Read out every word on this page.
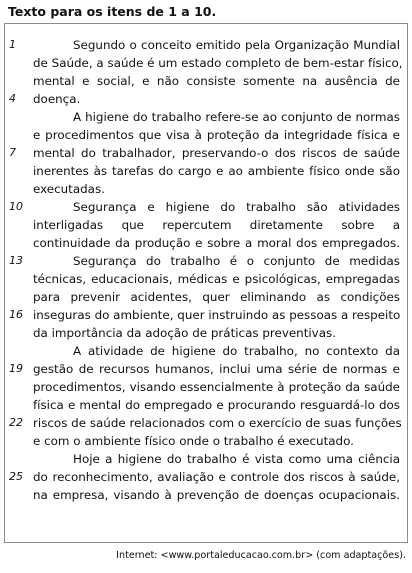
Texto para os itens de 1 a 10.
Segundo o conceito emitido pela Organização Mundial
de Saúde, a saúde é um estado completo de bem-estar físico,
mental e social, e não consiste somente na ausência de
doença.
A higiene do trabalho refere-se ao conjunto de normas
e procedimentos que visa à proteção da integridade física e
mental do trabalhador, preservando-o dos riscos de saúde
inerentes às tarefas do cargo e ao ambiente físico onde são
executadas.
Segurança e higiene do trabalho são atividades
interligadas que repercutem diretamente sobre a
continuidade da produção e sobre a moral dos empregados.
Segurança do trabalho é o conjunto de medidas
técnicas, educacionais, médicas e psicológicas, empregadas
para prevenir acidentes, quer eliminando as condições
inseguras do ambiente, quer instruindo as pessoas a respeito
da importância da adoção de práticas preventivas.
A atividade de higiene do trabalho, no contexto da
gestão de recursos humanos, inclui uma série de normas e
procedimentos, visando essencialmente à proteção da saúde
física e mental do empregado e procurando resguardá-lo dos
riscos de saúde relacionados com o exercício de suas funções
e com o ambiente físico onde o trabalho é executado.
Hoje a higiene do trabalho é vista como uma ciência
do reconhecimento, avaliação e controle dos riscos à saúde,
na empresa, visando à prevenção de doenças ocupacionais.
1
4
7
10
13
16
19
22
25
Internet: <www.portaleducacao.com.br> (com adaptações).
